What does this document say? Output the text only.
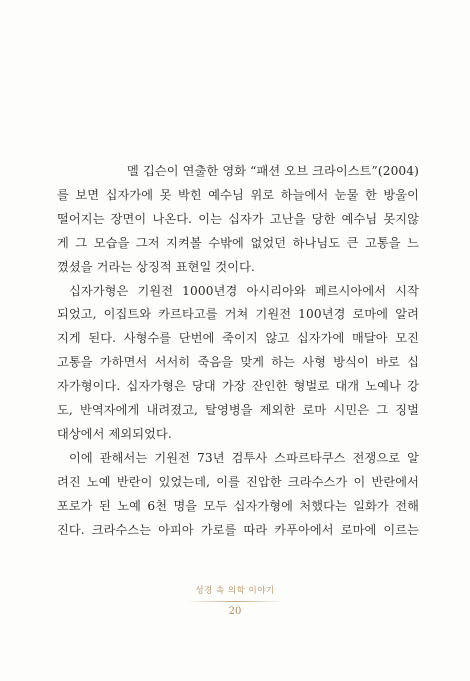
멜 깁슨이 연출한 영화 “패션 오브 크라이스트”(2004)
를 보면 십자가에 못 박힌 예수님 위로 하늘에서 눈물 한 방울이
떨어지는 장면이 나온다. 이는 십자가 고난을 당한 예수님 못지않
게 그 모습을 그저 지켜볼 수밖에 없었던 하나님도 큰 고통을 느
꼈셨을 거라는 상징적 표현일 것이다.

십자가형은 기원전 1000년경 아시리아와 페르시아에서 시작
되었고, 이집트와 카르타고를 거쳐 기원전 100년경 로마에 알려
지게 된다. 사형수를 단번에 죽이지 않고 십자가에 매달아 모진
고통을 가하면서 서서히 죽음을 맞게 하는 사형 방식이 바로 십
자가형이다. 십자가형은 당대 가장 잔인한 형벌로 대개 노예나 강
도, 반역자에게 내려졌고, 탈영병을 제외한 로마 시민은 그 징벌
대상에서 제외되었다.

이에 관해서는 기원전 73년 검투사 스파르타쿠스 전쟁으로 알
려진 노예 반란이 있었는데, 이를 진압한 크라수스가 이 반란에서
포로가 된 노예 6천 명을 모두 십자가형에 처했다는 일화가 전해
진다. 크라수스는 아피아 가로를 따라 카푸아에서 로마에 이르는

성경 속 의학 이야기
20
